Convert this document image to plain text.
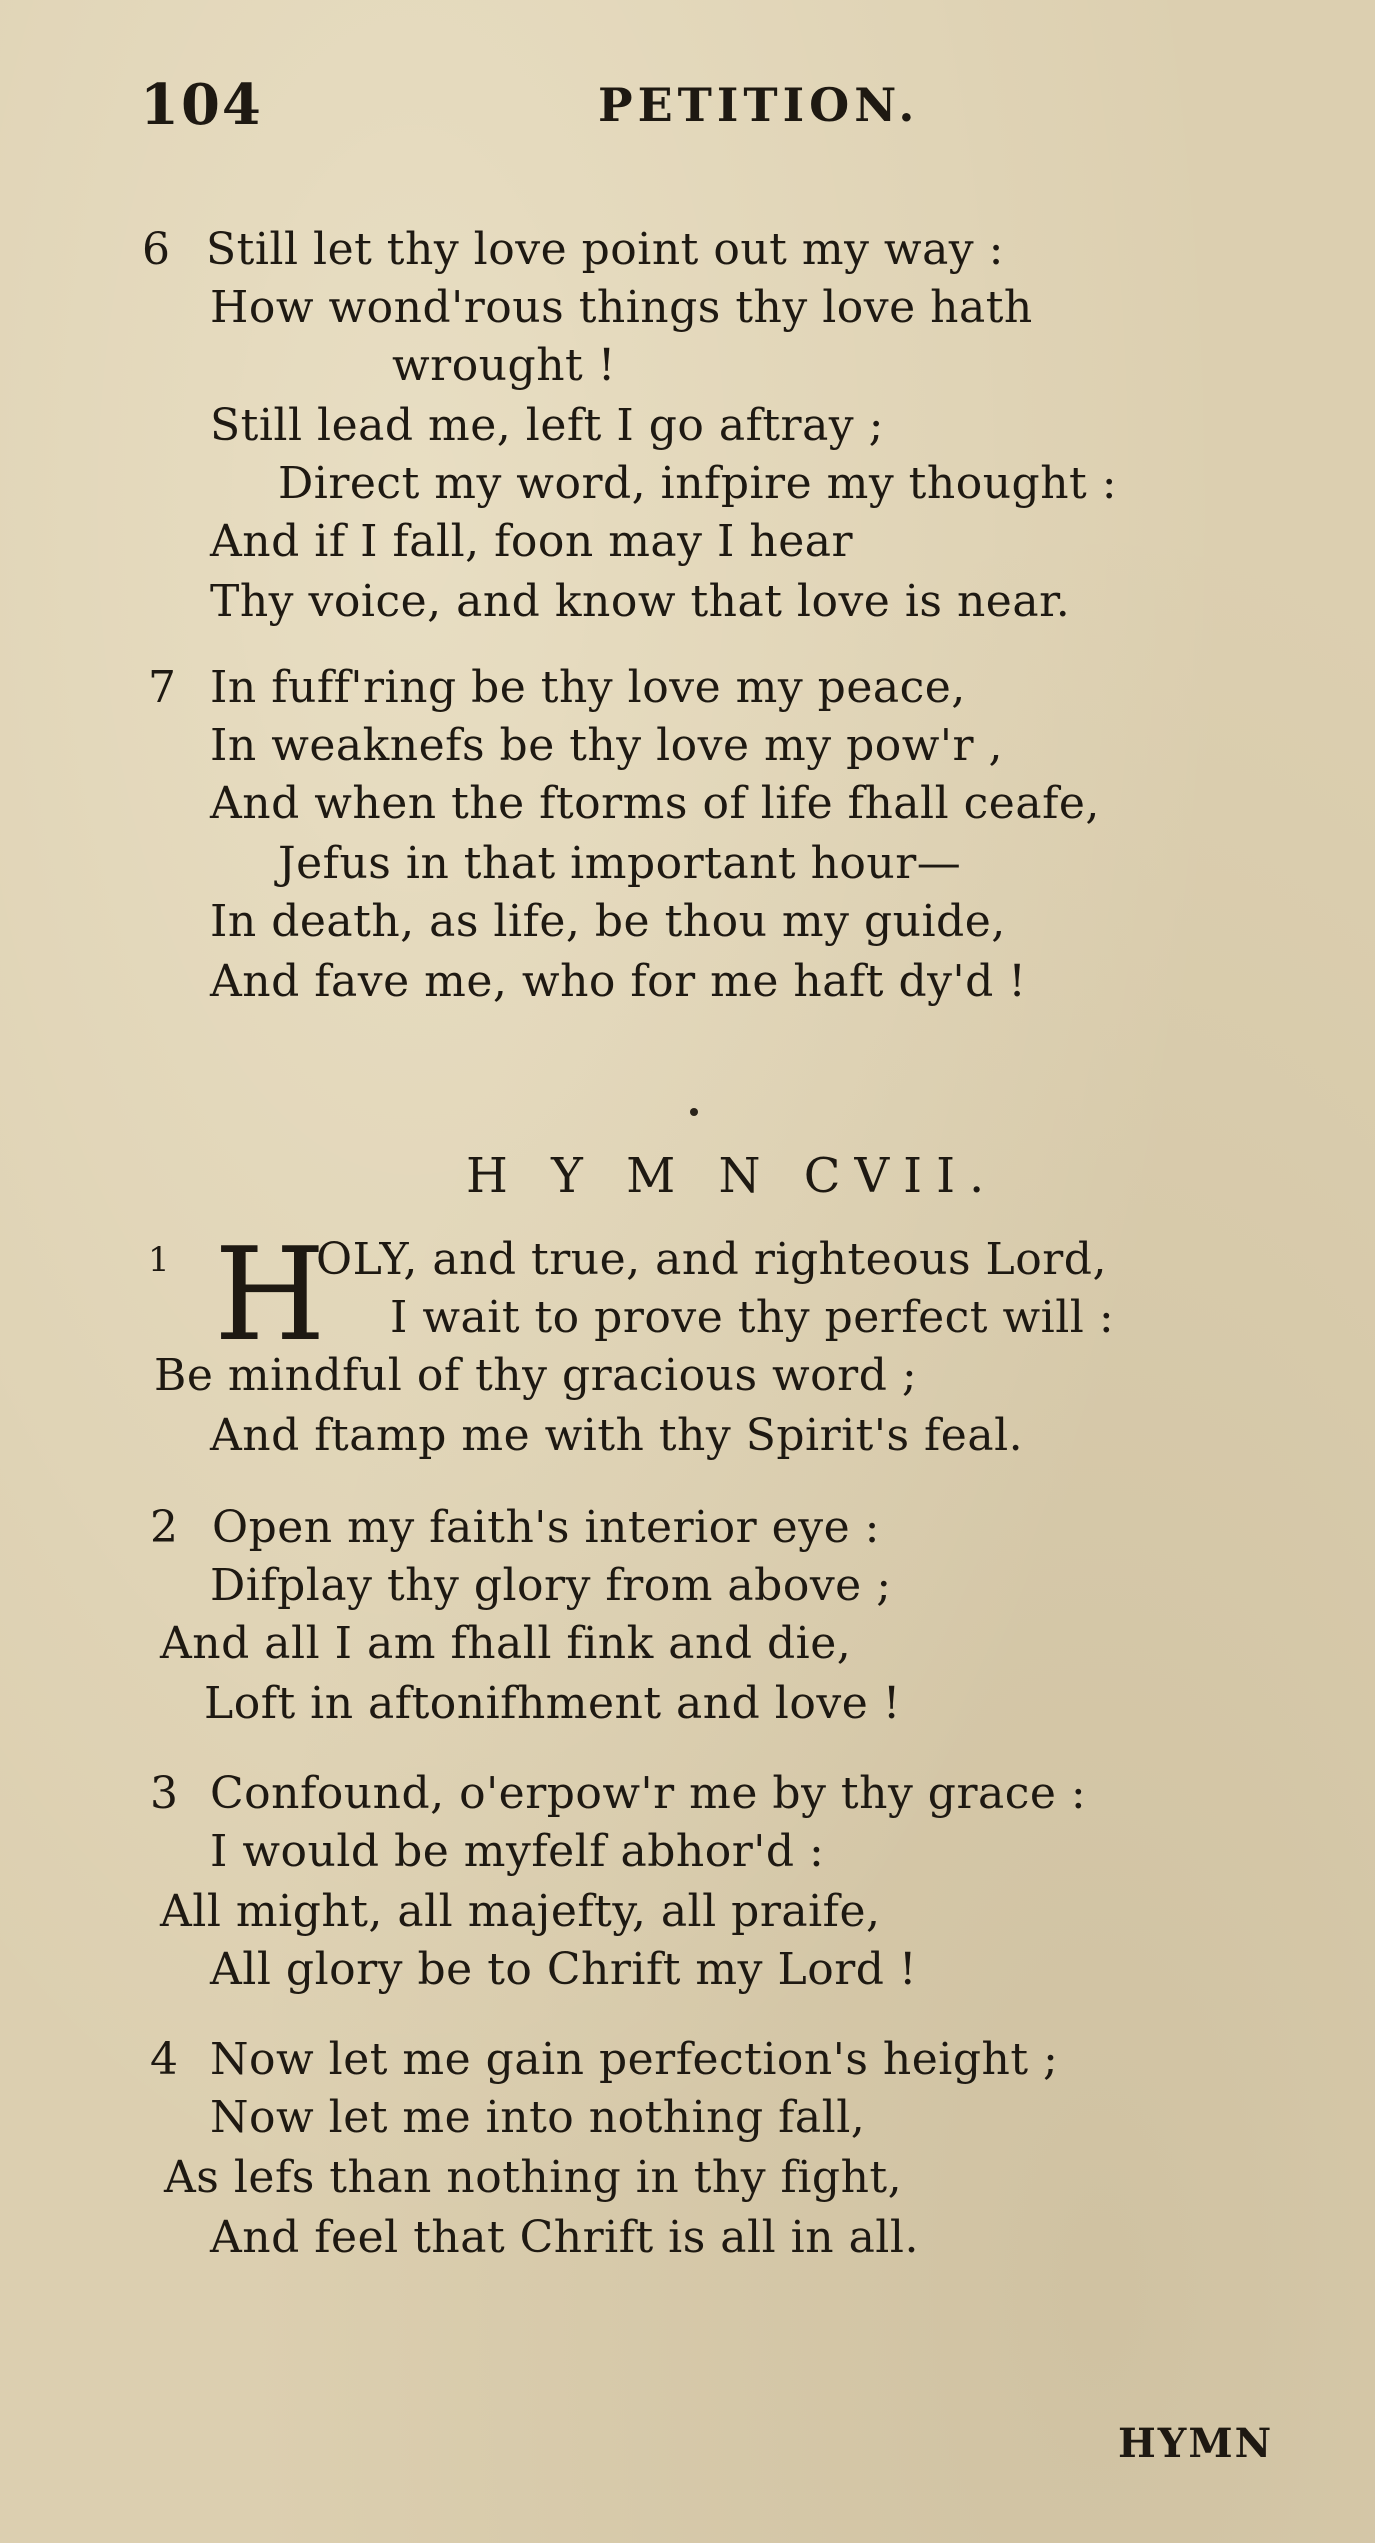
104	PETITION.
6 Still let thy love point out my way :
How wond'rous things thy love hath
wrought !
Still lead me, left I go aftray ;
Direct my word, infpire my thought :
And if I fall, foon may I hear
Thy voice, and know that love is near.
7 In fuff'ring be thy love my peace,
In weaknefs be thy love my pow'r ,
And when the ftorms of life fhall ceafe,
Jefus in that important hour—
In death, as life, be thou my guide,
And fave me, who for me haft dy'd !
H Y M N CVII.
1 H
OLY, and true, and righteous Lord,
I wait to prove thy perfect will :
Be mindful of thy gracious word ;
And ftamp me with thy Spirit's feal.
2 Open my faith's interior eye :
Difplay thy glory from above ;
And all I am fhall fink and die,
Loft in aftonifhment and love !
3 Confound, o'erpow'r me by thy grace :
I would be myfelf abhor'd :
All might, all majefty, all praife,
All glory be to Chrift my Lord !
4 Now let me gain perfection's height ;
Now let me into nothing fall,
As lefs than nothing in thy fight,
And feel that Chrift is all in all.
HYMN
